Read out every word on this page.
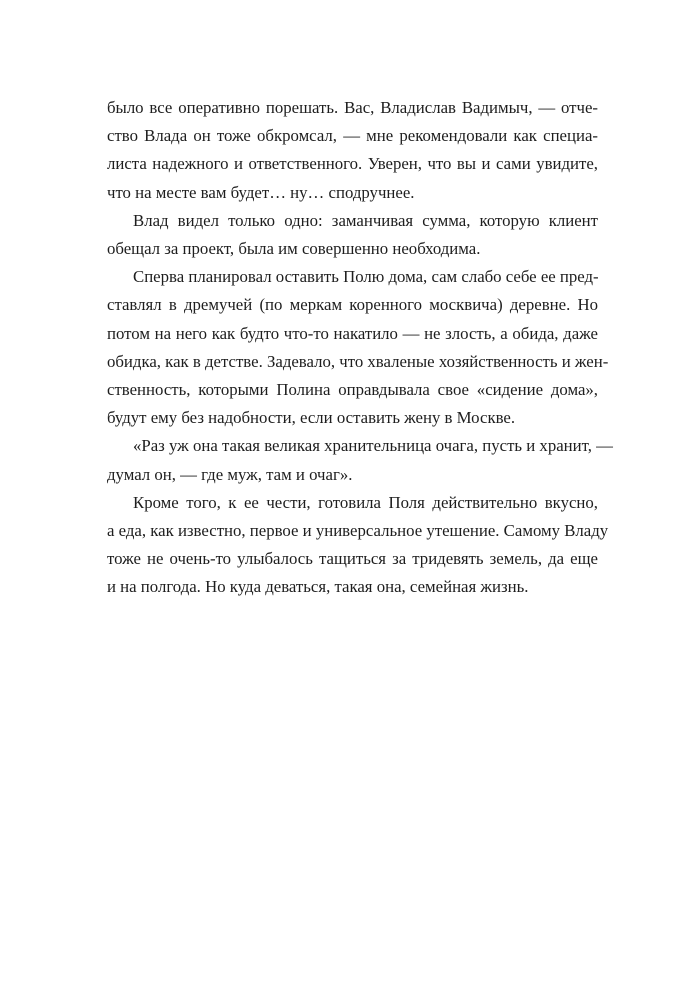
было все оперативно порешать. Вас, Владислав Вадимыч, — отче-
ство Влада он тоже обкромсал, — мне рекомендовали как специа-
листа надежного и ответственного. Уверен, что вы и сами увидите,
что на месте вам будет… ну… сподручнее.
Влад видел только одно: заманчивая сумма, которую клиент
обещал за проект, была им совершенно необходима.
Сперва планировал оставить Полю дома, сам слабо себе ее пред-
ставлял в дремучей (по меркам коренного москвича) деревне. Но
потом на него как будто что-то накатило — не злость, а обида, даже
обидка, как в детстве. Задевало, что хваленые хозяйственность и жен-
ственность, которыми Полина оправдывала свое «сидение дома»,
будут ему без надобности, если оставить жену в Москве.
«Раз уж она такая великая хранительница очага, пусть и хранит, —
думал он, — где муж, там и очаг».
Кроме того, к ее чести, готовила Поля действительно вкусно,
а еда, как известно, первое и универсальное утешение. Самому Владу
тоже не очень-то улыбалось тащиться за тридевять земель, да еще
и на полгода. Но куда деваться, такая она, семейная жизнь.
